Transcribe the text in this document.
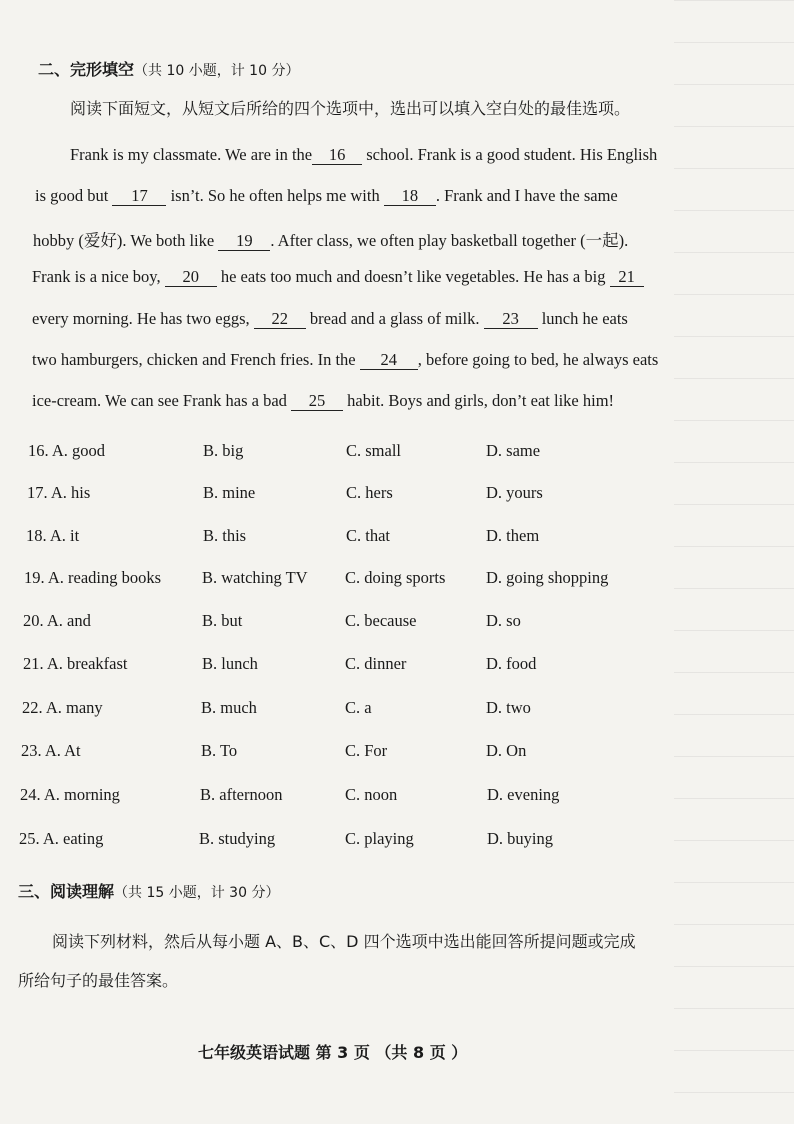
二、完形填空（共 10 小题，计 10 分）
阅读下面短文，从短文后所给的四个选项中，选出可以填入空白处的最佳选项。
Frank is my classmate. We are in the 16 school. Frank is a good student. His English
is good but 17 isn’t. So he often helps me with 18 . Frank and I have the same
hobby (爱好). We both like 19 . After class, we often play basketball together (一起).
Frank is a nice boy, 20 he eats too much and doesn’t like vegetables. He has a big 21
every morning. He has two eggs, 22 bread and a glass of milk. 23 lunch he eats
two hamburgers, chicken and French fries. In the 24 , before going to bed, he always eats
ice-cream. We can see Frank has a bad 25 habit. Boys and girls, don’t eat like him!
16. A. good	B. big	C. small	D. same
17. A. his	B. mine	C. hers	D. yours
18. A. it	B. this	C. that	D. them
19. A. reading books B. watching TV C. doing sports D. going shopping
20. A. and	B. but	C. because	D. so
21. A. breakfast	B. lunch	C. dinner	D. food
22. A. many	B. much	C. a	D. two
23. A. At	B. To	C. For	D. On
24. A. morning	B. afternoon	C. noon	D. evening
25. A. eating	B. studying	C. playing	D. buying
三、阅读理解（共 15 小题，计 30 分）
阅读下列材料，然后从每小题 A、B、C、D 四个选项中选出能回答所提问题或完成
所给句子的最佳答案。
七年级英语试题 第 3 页 （共 8 页 ）
